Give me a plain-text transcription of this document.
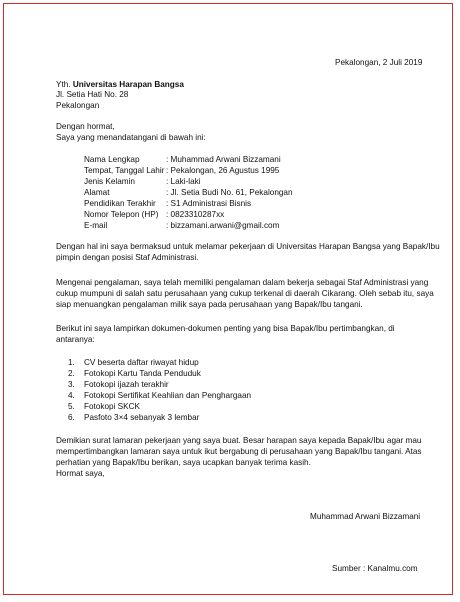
Pekalongan, 2 Juli 2019
Yth. Universitas Harapan Bangsa
Jl. Setia Hati No. 28
Pekalongan
Dengan hormat,
Saya yang menandatangani di bawah ini:
Nama Lengkap	: Muhammad Arwani Bizzamani
Tempat, Tanggal Lahir : Pekalongan, 26 Agustus 1995
Jenis Kelamin	: Laki-laki
Alamat	: Jl. Setia Budi No. 61, Pekalongan
Pendidikan Terakhir : S1 Administrasi Bisnis
Nomor Telepon (HP) : 0823310287xx
E-mail	: bizzamani.arwani@gmail.com
Dengan hal ini saya bermaksud untuk melamar pekerjaan di Universitas Harapan Bangsa yang Bapak/Ibu
pimpin dengan posisi Staf Administrasi.
Mengenai pengalaman, saya telah memiliki pengalaman dalam bekerja sebagai Staf Administrasi yang
cukup mumpuni di salah satu perusahaan yang cukup terkenal di daerah Cikarang. Oleh sebab itu, saya
siap menuangkan pengalaman milik saya pada perusahaan yang Bapak/Ibu tangani.
Berikut ini saya lampirkan dokumen-dokumen penting yang bisa Bapak/Ibu pertimbangkan, di
antaranya:
1. CV beserta daftar riwayat hidup
2. Fotokopi Kartu Tanda Penduduk
3. Fotokopi ijazah terakhir
4. Fotokopi Sertifikat Keahlian dan Penghargaan
5. Fotokopi SKCK
6. Pasfoto 3×4 sebanyak 3 lembar
Demikian surat lamaran pekerjaan yang saya buat. Besar harapan saya kepada Bapak/Ibu agar mau
mempertimbangkan lamaran saya untuk ikut bergabung di perusahaan yang Bapak/Ibu tangani. Atas
perhatian yang Bapak/Ibu berikan, saya ucapkan banyak terima kasih.
Hormat saya,
Muhammad Arwani Bizzamani
Sumber : Kanalmu.com
